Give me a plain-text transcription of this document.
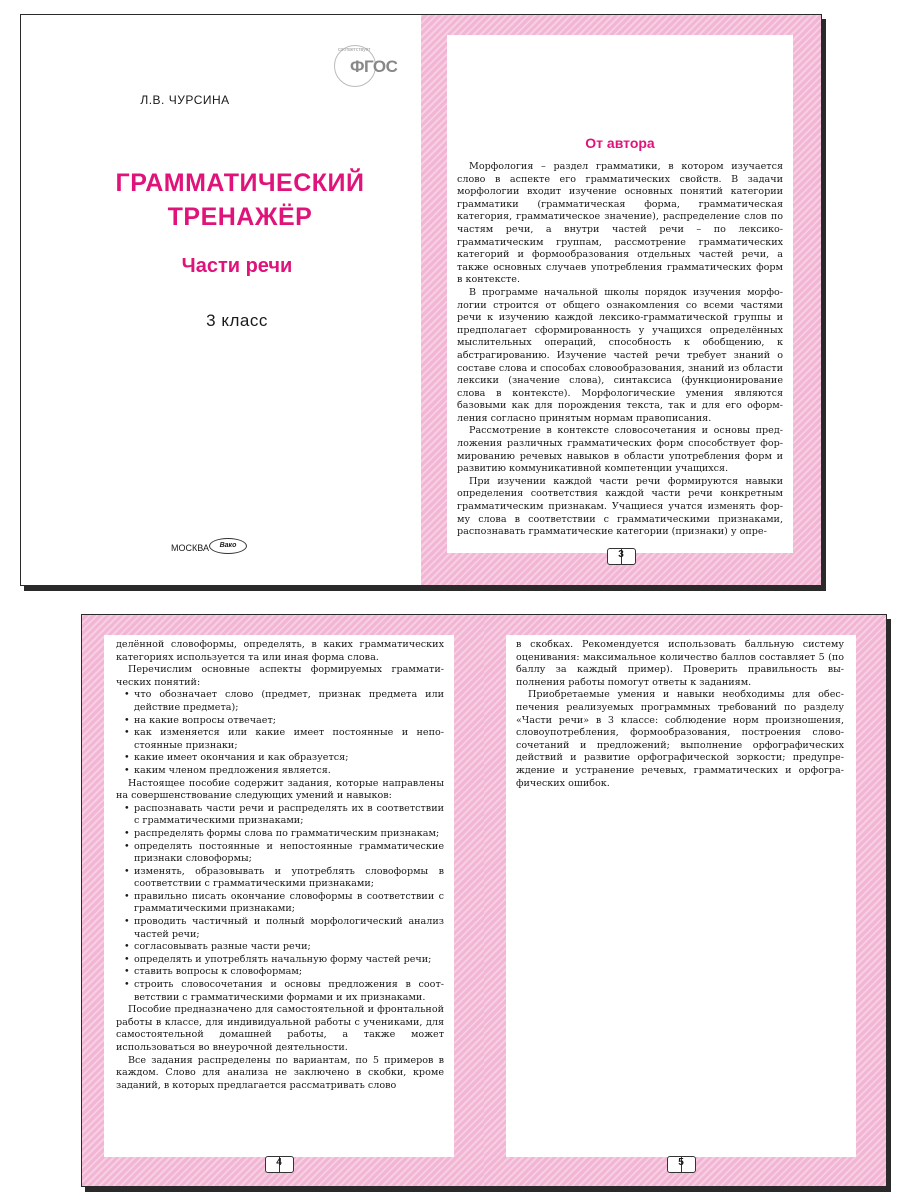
соответствует
ФГОС
Л.В. ЧУРСИНА
ГРАММАТИЧЕСКИЙ
ТРЕНАЖЁР
Части речи
3 класс
МОСКВА	Вако
От автора

Морфология – раздел грамматики, в котором изучается слово в аспекте его грамматических свойств. В задачи морфологии входит изучение основных понятий категории грамматики (грамматическая форма, грамматическая категория, грамматическое значение), распределение слов по частям речи, а внутри частей речи – по лексико-грамматическим группам, рассмотрение грамматических категорий и формообразования отдельных частей речи, а также основных случаев употребления грамматических форм в контексте.

В программе начальной школы порядок изучения морфологии строится от общего ознакомления со всеми частями речи к изучению каждой лексико-грамматической группы и предполагает сформированность у учащихся определённых мыслительных операций, способность к обобщению, к абстрагированию. Изучение частей речи требует знаний о составе слова и способах словообразования, знаний из области лексики (значение слова), синтаксиса (функционирование слова в контексте). Морфологические умения являются базовыми как для порождения текста, так и для его оформления согласно принятым нормам правописания.

Рассмотрение в контексте словосочетания и основы предложения различных грамматических форм способствует формированию речевых навыков в области употребления форм и развитию коммуникативной компетенции учащихся.

При изучении каждой части речи формируются навыки определения соответствия каждой части речи конкретным грамматическим признакам. Учащиеся учатся изменять форму слова в соответствии с грамматическими признаками, распознавать грамматические категории (признаки) у опре-

3

делённой словоформы, определять, в каких грамматических категориях используется та или иная форма слова.

Перечислим основные аспекты формируемых грамматических понятий:

• что обозначает слово (предмет, признак предмета или действие предмета);
• на какие вопросы отвечает;
• как изменяется или какие имеет постоянные и непостоянные признаки;
• какие имеет окончания и как образуется;
• каким членом предложения является.

Настоящее пособие содержит задания, которые направлены на совершенствование следующих умений и навыков:

• распознавать части речи и распределять их в соответствии с грамматическими признаками;
• распределять формы слова по грамматическим признакам;
• определять постоянные и непостоянные грамматические признаки словоформы;
• изменять, образовывать и употреблять словоформы в соответствии с грамматическими признаками;
• правильно писать окончание словоформы в соответствии с грамматическими признаками;
• проводить частичный и полный морфологический анализ частей речи;
• согласовывать разные части речи;
• определять и употреблять начальную форму частей речи;
• ставить вопросы к словоформам;
• строить словосочетания и основы предложения в соответствии с грамматическими формами и их признаками.

Пособие предназначено для самостоятельной и фронтальной работы в классе, для индивидуальной работы с учениками, для самостоятельной домашней работы, а также может использоваться во внеурочной деятельности.

Все задания распределены по вариантам, по 5 примеров в каждом. Слово для анализа не заключено в скобки, кроме заданий, в которых предлагается рассматривать слово

4

в скобках. Рекомендуется использовать балльную систему оценивания: максимальное количество баллов составляет 5 (по баллу за каждый пример). Проверить правильность выполнения работы помогут ответы к заданиям.

Приобретаемые умения и навыки необходимы для обеспечения реализуемых программных требований по разделу «Части речи» в 3 классе: соблюдение норм произношения, словоупотребления, формообразования, построения словосочетаний и предложений; выполнение орфографических действий и развитие орфографической зоркости; предупреждение и устранение речевых, грамматических и орфографических ошибок.

5
